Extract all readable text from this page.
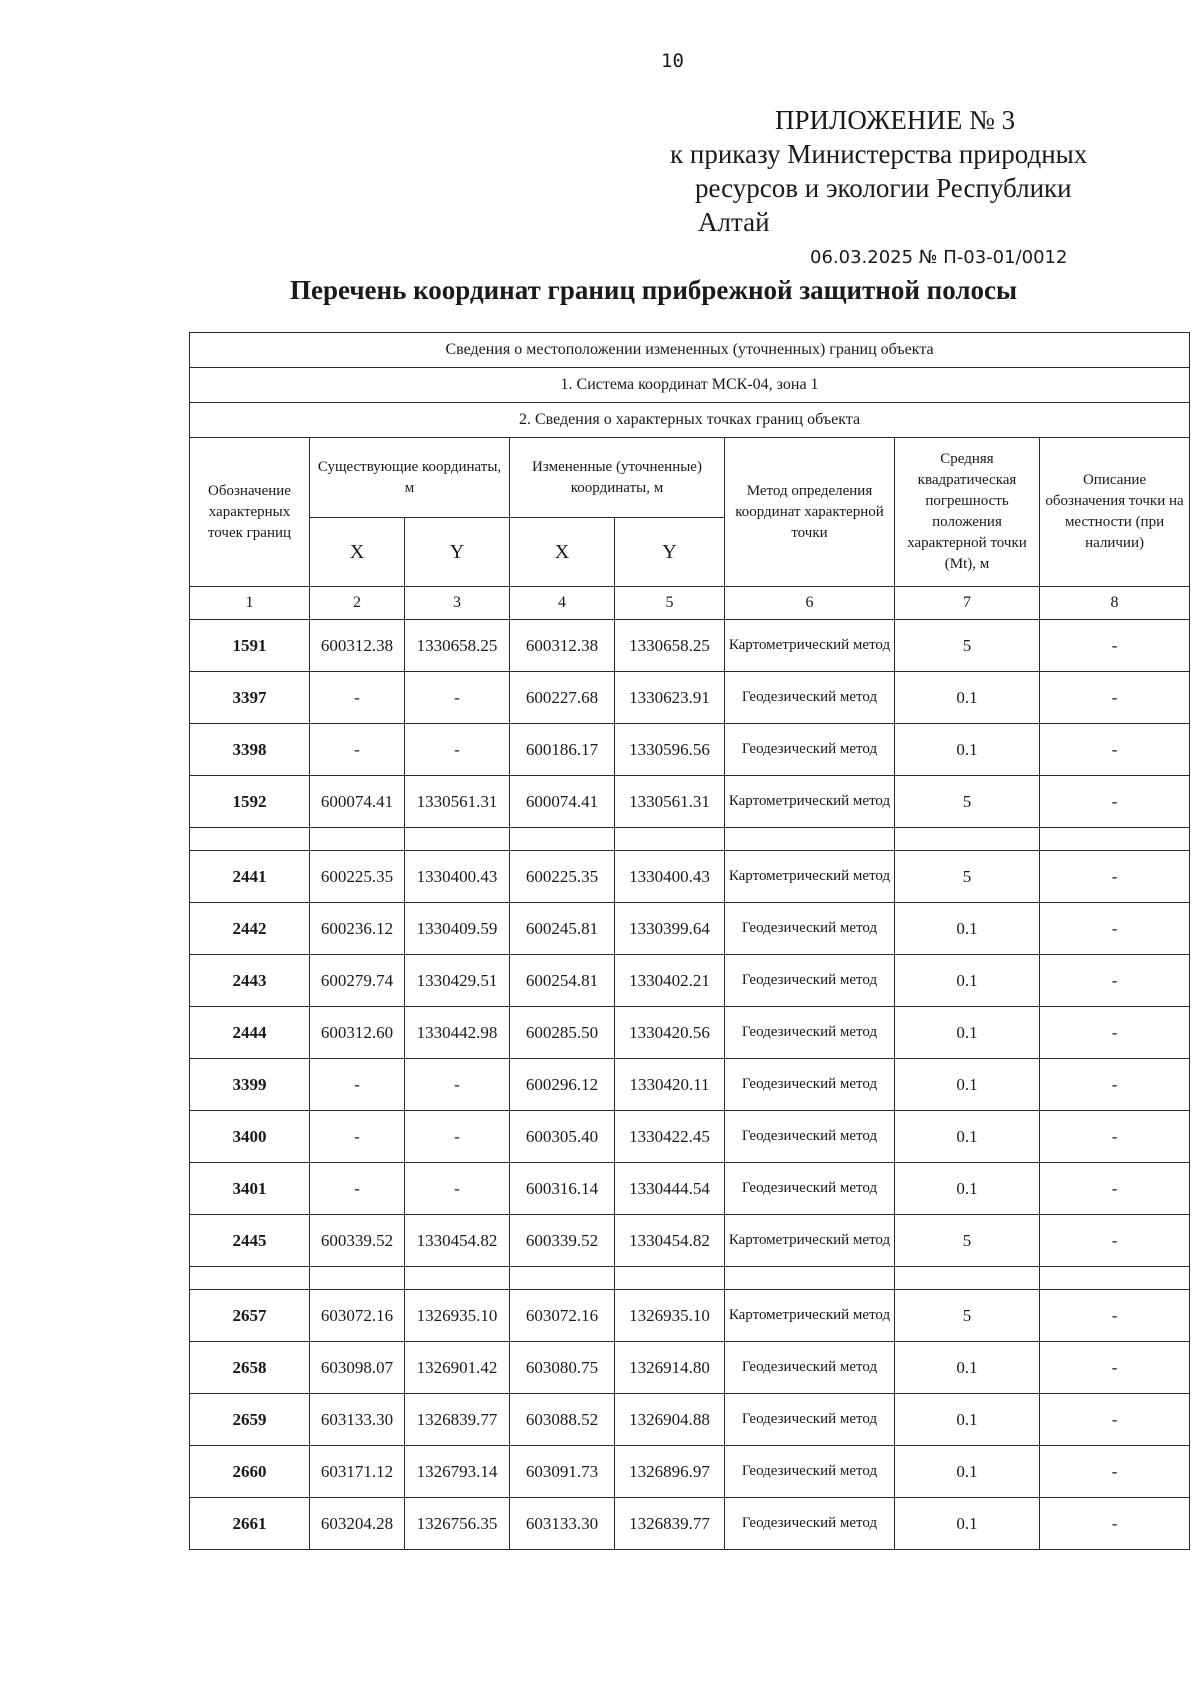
10
ПРИЛОЖЕНИЕ № 3
к приказу Министерства природных
ресурсов и экологии Республики
Алтай
06.03.2025 № П-03-01/0012
Перечень координат границ прибрежной защитной полосы
Сведения о местоположении измененных (уточненных) границ объекта							
1. Система координат МСК-04, зона 1							
2. Сведения о характерных точках границ объекта							
Обозначение характерных точек границ	Существующие координаты, м		Измененные (уточненные) координаты, м		Метод определения координат характерной точки	Средняя квадратическая погрешность положения характерной точки (Mt), м	Описание обозначения точки на местности (при наличии)
	X	Y	X	Y			
1	2	3	4	5	6	7	8
1591	600312.38	1330658.25	600312.38	1330658.25	Картометрический метод	5	-
3397	-	-	600227.68	1330623.91	Геодезический метод	0.1	-
3398	-	-	600186.17	1330596.56	Геодезический метод	0.1	-
1592	600074.41	1330561.31	600074.41	1330561.31	Картометрический метод	5	-

2441	600225.35	1330400.43	600225.35	1330400.43	Картометрический метод	5	-
2442	600236.12	1330409.59	600245.81	1330399.64	Геодезический метод	0.1	-
2443	600279.74	1330429.51	600254.81	1330402.21	Геодезический метод	0.1	-
2444	600312.60	1330442.98	600285.50	1330420.56	Геодезический метод	0.1	-
3399	-	-	600296.12	1330420.11	Геодезический метод	0.1	-
3400	-	-	600305.40	1330422.45	Геодезический метод	0.1	-
3401	-	-	600316.14	1330444.54	Геодезический метод	0.1	-
2445	600339.52	1330454.82	600339.52	1330454.82	Картометрический метод	5	-

2657	603072.16	1326935.10	603072.16	1326935.10	Картометрический метод	5	-
2658	603098.07	1326901.42	603080.75	1326914.80	Геодезический метод	0.1	-
2659	603133.30	1326839.77	603088.52	1326904.88	Геодезический метод	0.1	-
2660	603171.12	1326793.14	603091.73	1326896.97	Геодезический метод	0.1	-
2661	603204.28	1326756.35	603133.30	1326839.77	Геодезический метод	0.1	-
